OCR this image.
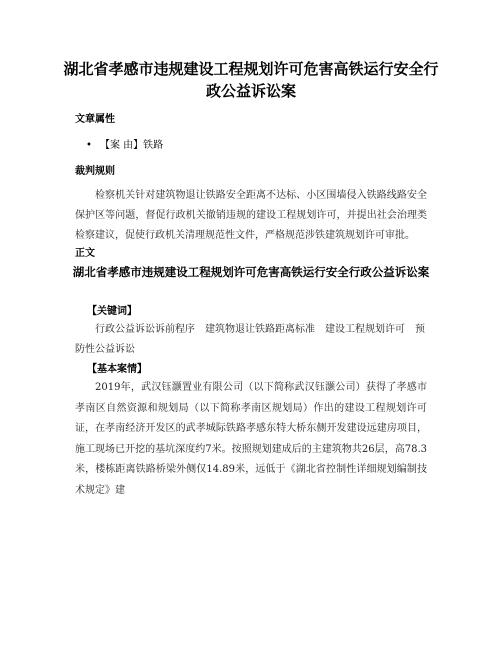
湖北省孝感市违规建设工程规划许可危害高铁运行安全行政公益诉讼案
文章属性
• 【案 由】铁路
裁判规则
检察机关针对建筑物退让铁路安全距离不达标、小区围墙侵入铁路线路安全保护区等问题，督促行政机关撤销违规的建设工程规划许可，并提出社会治理类检察建议，促使行政机关清理规范性文件，严格规范涉铁建筑规划许可审批。
正文
湖北省孝感市违规建设工程规划许可危害高铁运行安全行政公益诉讼案
【关键词】
行政公益诉讼诉前程序 建筑物退让铁路距离标准 建设工程规划许可 预防性公益诉讼
【基本案情】
2019年，武汉钰灏置业有限公司（以下简称武汉钰灏公司）获得了孝感市孝南区自然资源和规划局（以下简称孝南区规划局）作出的建设工程规划许可证，在孝南经济开发区的武孝城际铁路孝感东特大桥东侧开发建设远建房项目，施工现场已开挖的基坑深度约7米。按照规划建成后的主建筑物共26层，高78.3米，楼栋距离铁路桥梁外侧仅14.89米，远低于《湖北省控制性详细规划编制技术规定》建
